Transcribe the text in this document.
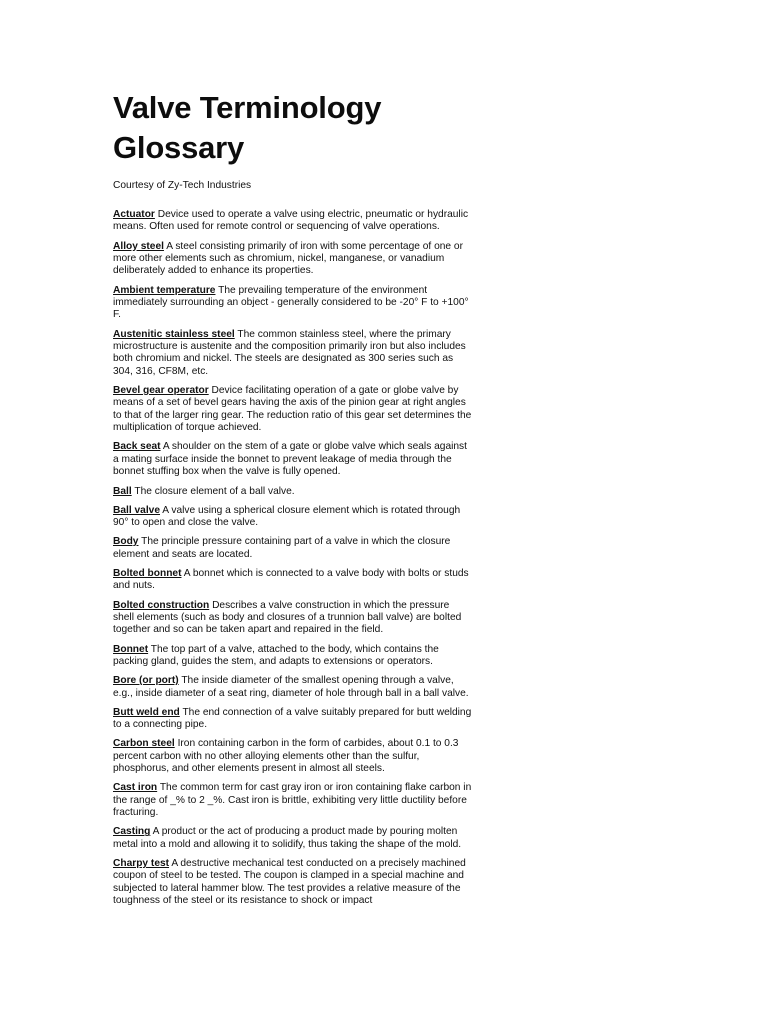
Valve Terminology Glossary
Courtesy of Zy-Tech Industries

Actuator Device used to operate a valve using electric, pneumatic or hydraulic means. Often used for remote control or sequencing of valve operations.

Alloy steel A steel consisting primarily of iron with some percentage of one or more other elements such as chromium, nickel, manganese, or vanadium deliberately added to enhance its properties.

Ambient temperature The prevailing temperature of the environment immediately surrounding an object - generally considered to be -20° F to +100° F.

Austenitic stainless steel The common stainless steel, where the primary microstructure is austenite and the composition primarily iron but also includes both chromium and nickel. The steels are designated as 300 series such as 304, 316, CF8M, etc.

Bevel gear operator Device facilitating operation of a gate or globe valve by means of a set of bevel gears having the axis of the pinion gear at right angles to that of the larger ring gear. The reduction ratio of this gear set determines the multiplication of torque achieved.

Back seat A shoulder on the stem of a gate or globe valve which seals against a mating surface inside the bonnet to prevent leakage of media through the bonnet stuffing box when the valve is fully opened.

Ball The closure element of a ball valve.

Ball valve A valve using a spherical closure element which is rotated through 90° to open and close the valve.

Body The principle pressure containing part of a valve in which the closure element and seats are located.

Bolted bonnet A bonnet which is connected to a valve body with bolts or studs and nuts.

Bolted construction Describes a valve construction in which the pressure shell elements (such as body and closures of a trunnion ball valve) are bolted together and so can be taken apart and repaired in the field.

Bonnet The top part of a valve, attached to the body, which contains the packing gland, guides the stem, and adapts to extensions or operators.

Bore (or port) The inside diameter of the smallest opening through a valve, e.g., inside diameter of a seat ring, diameter of hole through ball in a ball valve.

Butt weld end The end connection of a valve suitably prepared for butt welding to a connecting pipe.

Carbon steel Iron containing carbon in the form of carbides, about 0.1 to 0.3 percent carbon with no other alloying elements other than the sulfur, phosphorus, and other elements present in almost all steels.

Cast iron The common term for cast gray iron or iron containing flake carbon in the range of _% to 2 _%. Cast iron is brittle, exhibiting very little ductility before fracturing.

Casting A product or the act of producing a product made by pouring molten metal into a mold and allowing it to solidify, thus taking the shape of the mold.

Charpy test A destructive mechanical test conducted on a precisely machined coupon of steel to be tested. The coupon is clamped in a special machine and subjected to lateral hammer blow. The test provides a relative measure of the toughness of the steel or its resistance to shock or impact
